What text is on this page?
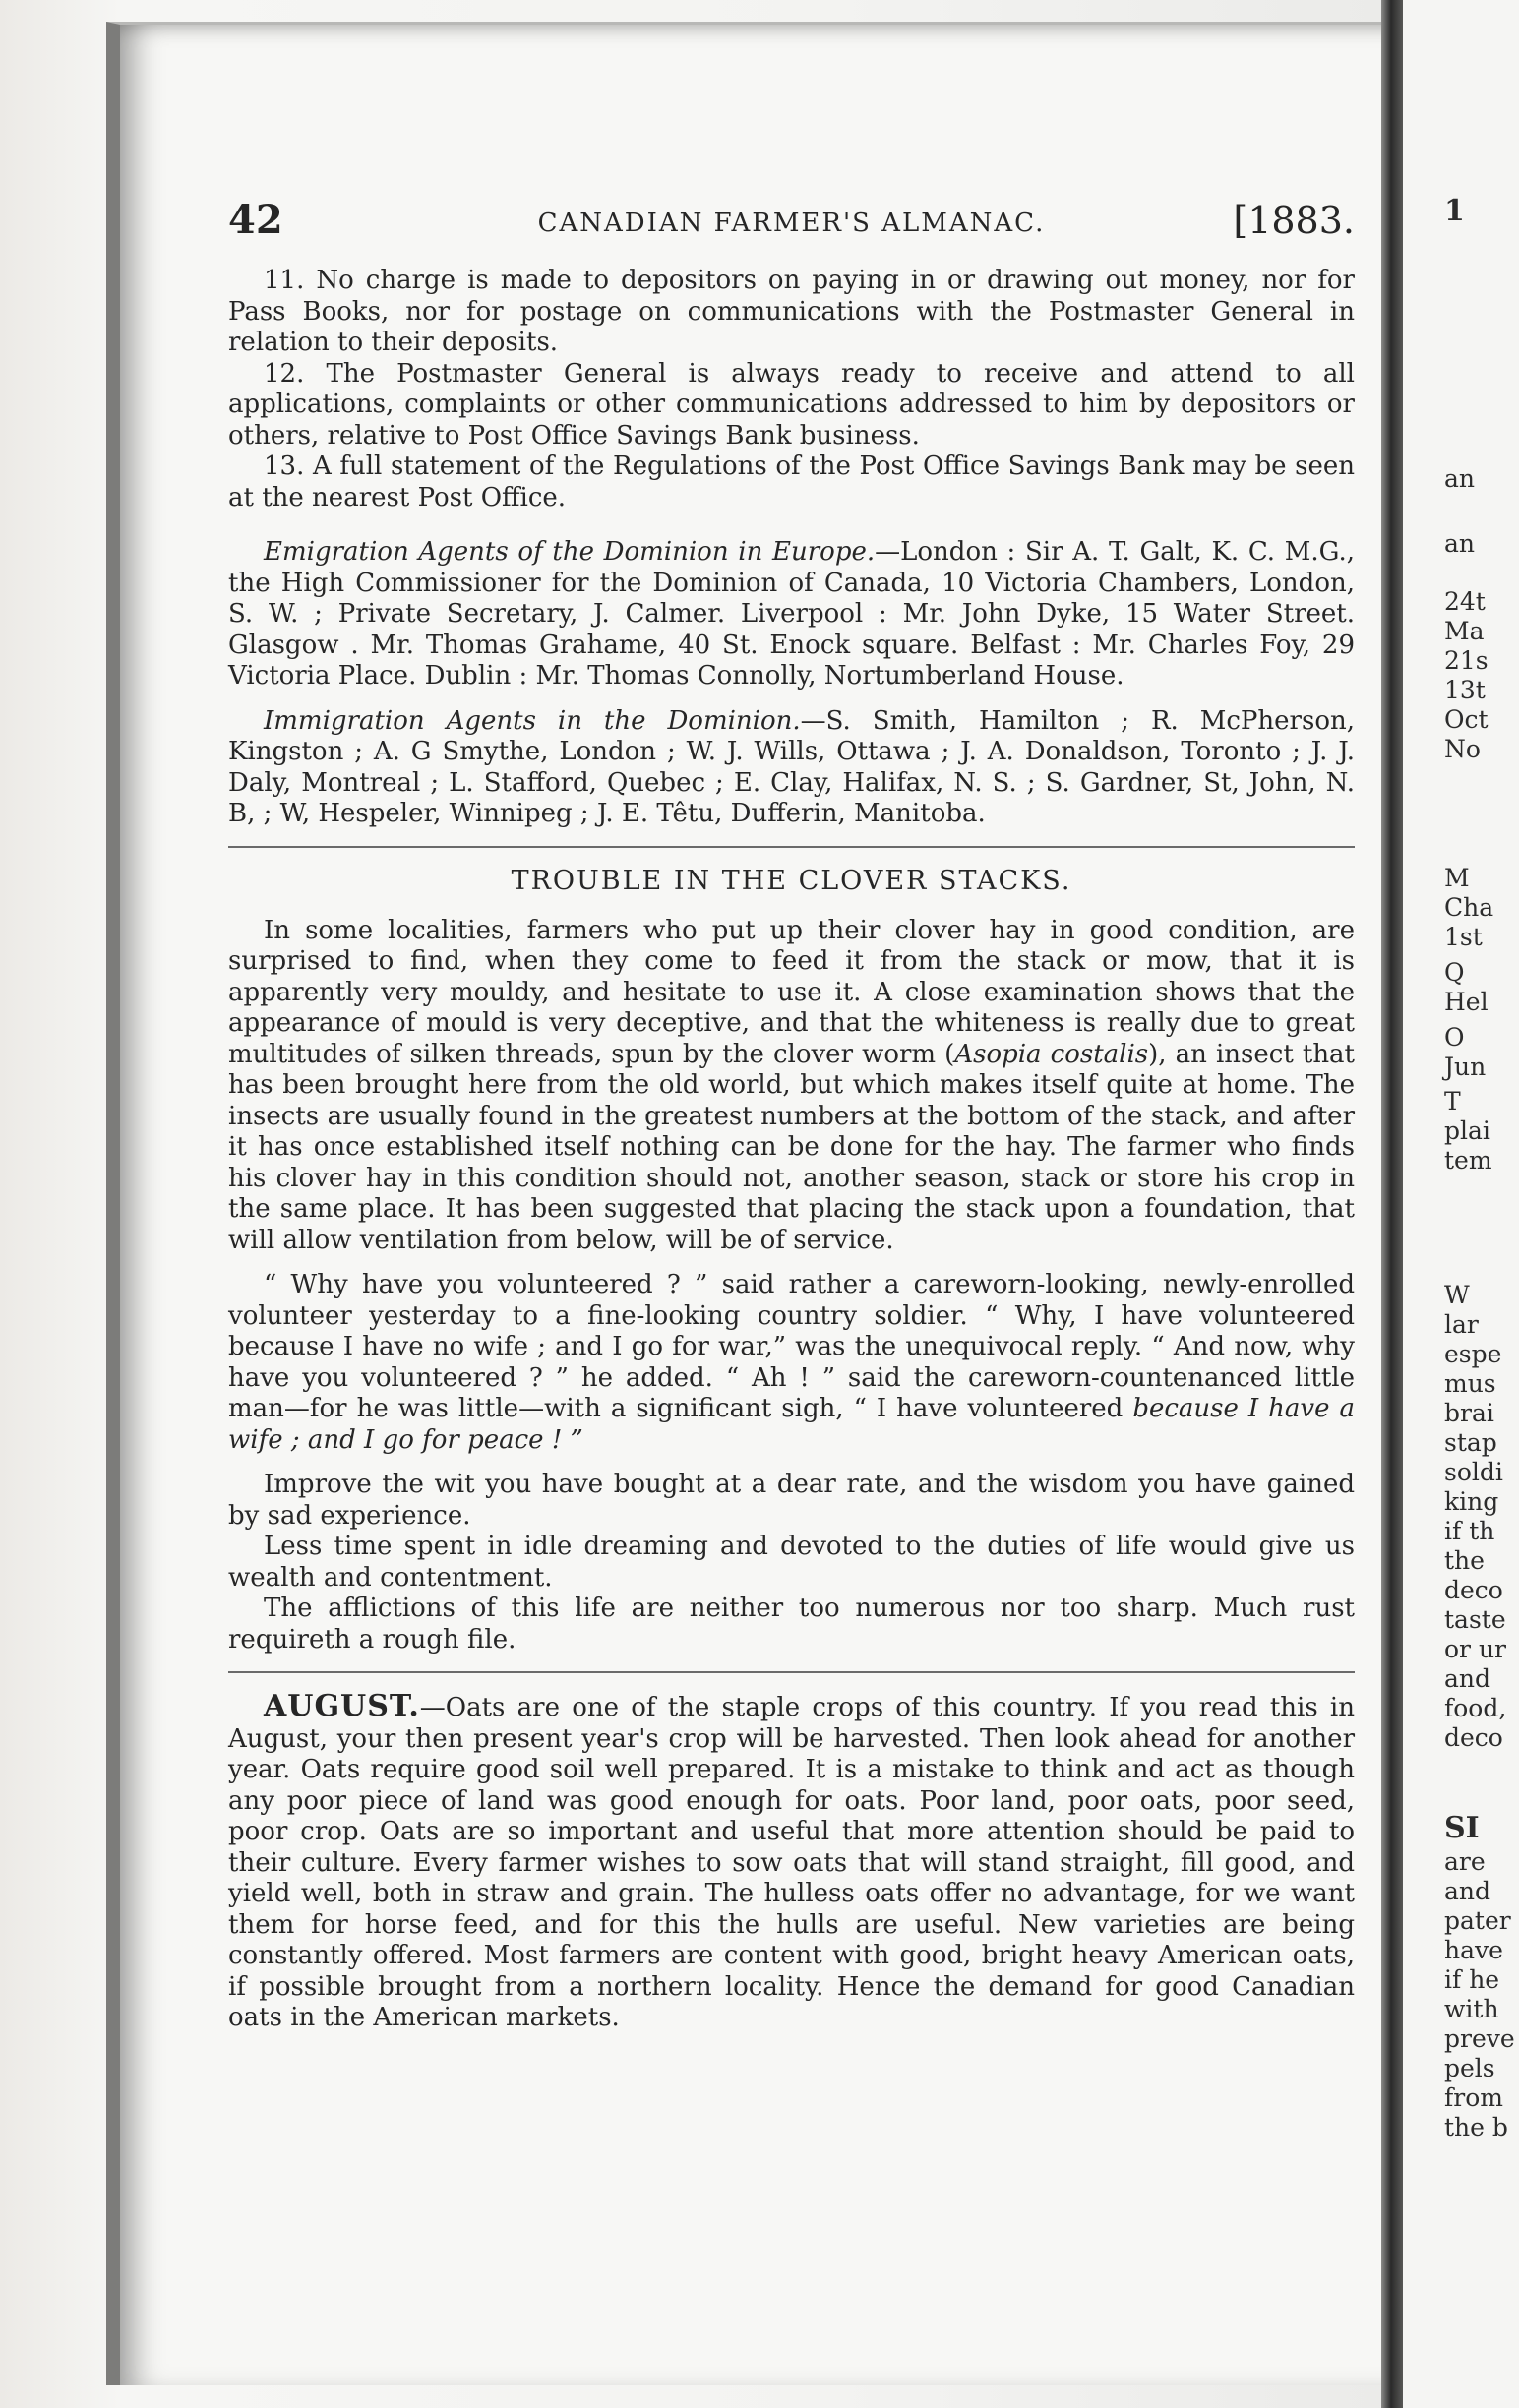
1
an
an
24t
Ma
21s
13t
Oct
No
M
Cha
1st
Q
Hel
O
Jun
T
plai
tem
W
lar
espe
mus
brai
stap
soldi
king
if th
the
deco
taste
or ur
and
food,
deco
SI
are
and
pater
have
if he
with
preve
pels
from
the b
42	CANADIAN FARMER'S ALMANAC.	[1883.

11. No charge is made to depositors on paying in or drawing out money, nor for Pass Books, nor for postage on communications with the Postmaster General in relation to their deposits.

12. The Postmaster General is always ready to receive and attend to all applications, complaints or other communications addressed to him by depositors or others, relative to Post Office Savings Bank business.

13. A full statement of the Regulations of the Post Office Savings Bank may be seen at the nearest Post Office.

Emigration Agents of the Dominion in Europe.—London : Sir A. T. Galt, K. C. M.G., the High Commissioner for the Dominion of Canada, 10 Victoria Chambers, London, S. W. ; Private Secretary, J. Calmer. Liverpool : Mr. John Dyke, 15 Water Street. Glasgow . Mr. Thomas Grahame, 40 St. Enock square. Belfast : Mr. Charles Foy, 29 Victoria Place. Dublin : Mr. Thomas Connolly, Nortumberland House.

Immigration Agents in the Dominion.—S. Smith, Hamilton ; R. McPherson, Kingston ; A. G Smythe, London ; W. J. Wills, Ottawa ; J. A. Donaldson, Toronto ; J. J. Daly, Montreal ; L. Stafford, Quebec ; E. Clay, Halifax, N. S. ; S. Gardner, St, John, N. B, ; W, Hespeler, Winnipeg ; J. E. Têtu, Dufferin, Manitoba.

TROUBLE IN THE CLOVER STACKS.

In some localities, farmers who put up their clover hay in good condition, are surprised to find, when they come to feed it from the stack or mow, that it is apparently very mouldy, and hesitate to use it. A close examination shows that the appearance of mould is very deceptive, and that the whiteness is really due to great multitudes of silken threads, spun by the clover worm (Asopia costalis), an insect that has been brought here from the old world, but which makes itself quite at home. The insects are usually found in the greatest numbers at the bottom of the stack, and after it has once established itself nothing can be done for the hay. The farmer who finds his clover hay in this condition should not, another season, stack or store his crop in the same place. It has been suggested that placing the stack upon a foundation, that will allow ventilation from below, will be of service.

“ Why have you volunteered ? ” said rather a careworn-looking, newly-enrolled volunteer yesterday to a fine-looking country soldier. “ Why, I have volunteered because I have no wife ; and I go for war,” was the unequivocal reply. “ And now, why have you volunteered ? ” he added. “ Ah ! ” said the careworn-countenanced little man—for he was little—with a significant sigh, “ I have volunteered because I have a wife ; and I go for peace ! ”

Improve the wit you have bought at a dear rate, and the wisdom you have gained by sad experience.

Less time spent in idle dreaming and devoted to the duties of life would give us wealth and contentment.

The afflictions of this life are neither too numerous nor too sharp. Much rust requireth a rough file.

AUGUST.—Oats are one of the staple crops of this country. If you read this in August, your then present year's crop will be harvested. Then look ahead for another year. Oats require good soil well prepared. It is a mistake to think and act as though any poor piece of land was good enough for oats. Poor land, poor oats, poor seed, poor crop. Oats are so important and useful that more attention should be paid to their culture. Every farmer wishes to sow oats that will stand straight, fill good, and yield well, both in straw and grain. The hulless oats offer no advantage, for we want them for horse feed, and for this the hulls are useful. New varieties are being constantly offered. Most farmers are content with good, bright heavy American oats, if possible brought from a northern locality. Hence the demand for good Canadian oats in the American markets.
